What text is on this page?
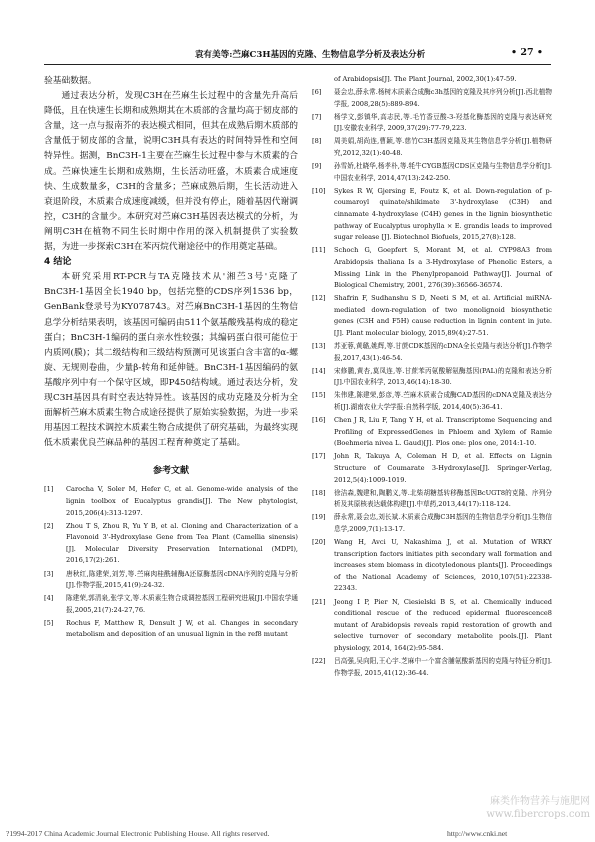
袁有美等:苎麻C3H基因的克隆、生物信息学分析及表达分析	• 27 •

验基础数据。

通过表达分析，发现C3H在苎麻生长过程中的含量先升高后降低，且在快速生长期和成熟期其在木质部的含量均高于韧皮部的含量，这一点与报南芥的表达模式相同，但其在成熟后期木质部的含量低于韧皮部的含量，说明C3H具有表达的时间特异性和空间特异性。据测，BnC3H-1主要在苎麻生长过程中参与木质素的合成。苎麻快速生长期和成熟期，生长活动旺盛，木质素合成速度快、生成数量多，C3H的含量多；苎麻成熟后期，生长活动进入衰退阶段，木质素合成速度减缓，但并没有停止，随着基因代谢调控，C3H的含量少。本研究对苎麻C3H基因表达模式的分析，为阐明C3H在植物不同生长时期中作用的深入机制提供了实验数据，为进一步探索C3H在苯丙烷代谢途径中的作用奠定基础。

4 结论

本研究采用RT-PCR与TA克隆技术从'湘苎3号'克隆了BnC3H-1基因全长1940 bp，包括完整的CDS序列1536 bp，GenBank登录号为KY078743。对苎麻BnC3H-1基因的生物信息学分析结果表明，该基因可编码由511个氨基酸残基构成的稳定蛋白；BnC3H-1编码的蛋白亲水性较强；其编码蛋白很可能位于内质网(膜)；其二级结构和三级结构预测可见该蛋白含丰富的α-螺旋、无规则卷曲，少量β-转角和延伸链。BnC3H-1基因编码的氨基酸序列中有一个保守区域，即P450结构域。通过表达分析，发现C3H基因具有时空表达特异性。该基因的成功克隆及分析为全面解析苎麻木质素生物合成途径提供了原始实验数据，为进一步采用基因工程技术调控木质素生物合成提供了研究基础，为最终实现低木质素优良苎麻品种的基因工程育种奠定了基础。

参考文献
[1] Carocha V, Soler M, Hefer C, et al. Genome-wide analysis of the lignin toolbox of Eucalyptus grandis[J]. The New phytologist, 2015,206(4):313-1297.
[2] Zhou T S, Zhou R, Yu Y B, et al. Cloning and Characterization of a Flavonoid 3'-Hydroxylase Gene from Tea Plant (Camellia sinensis) [J]. Molecular Diversity Preservation International (MDPI), 2016,17(2):261.
[3] 唐秋红,陈建荣,刘芳,等.苎麻肉桂酰辅酶A还原酶基因cDNA序列的克隆与分析[J].作物学报,2015,41(9):24-32.
[4] 陈建荣,郭清泉,张学文,等.木质素生物合成调控基因工程研究进展[J].中国农学通报,2005,21(7):24-27,76.
[5] Rochus F, Matthew R, Densult J W, et al. Changes in secondary metabolism and deposition of an unusual lignin in the ref8 mutant
of Arabidopsis[J]. The Plant Journal, 2002,30(1):47-59.
[6] 聂会忠,薛永常.杨树木质素合成酶c3h基因的克隆及其序列分析[J].西北植物学报, 2008,28(5):889-894.
[7] 杨学文,彭镇华,高志民,等.毛竹香豆酸-3-羟基化酶基因的克隆与表达研究[J].安徽农业科学, 2009,37(29):77-79,223.
[8] 周美娟,胡尚连,曹颖,等.慈竹C3H基因克隆及其生物信息学分析[J].植物研究,2012,32(1):40-48.
[9] 孙雪娇,杜晓华,杨孝朴,等.牦牛CYGB基因CDS区克隆与生物信息学分析[J].中国农业科学, 2014,47(13):242-250.
[10] Sykes R W, Gjersing E, Foutz K, et al. Down-regulation of p-coumaroyl quinate/shikimate 3'-hydroxylase (C3H) and cinnamate 4-hydroxylase (C4H) genes in the lignin biosynthetic pathway of Eucalyptus urophylla × E. grandis leads to improved sugar release [J]. Biotechnol Biofuels, 2015,27(8):128.
[11] Schoch G, Goepfert S, Morant M, et al. CYP98A3 from Arabidopsis thaliana Is a 3-Hydroxylase of Phenolic Esters, a Missing Link in the Phenylpropanoid Pathway[J]. Journal of Biological Chemistry, 2001, 276(39):36566-36574.
[12] Shafrin F, Sudhanshu S D, Neeti S M, et al. Artificial miRNA-mediated down-regulation of two monolignoid biosynthetic genes (C3H and F5H) cause reduction in lignin content in jute.[J]. Plant molecular biology, 2015,89(4):27-51.
[13] 苏亚蓉,黄璐,姚辉,等.甘蔗CDK基因的cDNA全长克隆与表达分析[J].作物学报,2017,43(1):46-54.
[14] 宋修鹏,黄杏,莫凤连,等.甘蔗苯丙氨酸解氨酶基因(PAL)的克隆和表达分析[J].中国农业科学, 2013,46(14):18-30.
[15] 朱伟建,陈建荣,彭彦,等.苎麻木质素合成酶CAD基因的cDNA克隆及表达分析[J].湖南农业大学学报:自然科学版, 2014,40(5):36-41.
[16] Chen J R, Liu F, Tang Y H, et al. Transcriptome Sequencing and Profiling of ExpressedGenes in Phloem and Xylem of Ramie (Boehmeria nivea L. Gaud)[J]. Plos one: plos one, 2014:1-10.
[17] John R, Takuya A, Coleman H D, et al. Effects on Lignin Structure of Coumarate 3-Hydroxylase[J]. Springer-Verlag, 2012,5(4):1009-1019.
[18] 徐洁森,魏建和,陶鹏义,等.北柴胡糖基转移酶基因BcUGT8的克隆、序列分析及其原核表达载体构建[J].中草药,2013,44(17):118-124.
[19] 薛永常,聂会忠,刘长斌.木质素合成酶C3H基因的生物信息学分析[J].生物信息学,2009,7(1):13-17.
[20] Wang H, Avci U, Nakashima J, et al. Mutation of WRKY transcription factors initiates pith secondary wall formation and increases stem biomass in dicotyledonous plants[J]. Proceedings of the National Academy of Sciences, 2010,107(51):22338-22343.
[21] Jeong I P, Pier N, Ciesielski B S, et al. Chemically induced conditional rescue of the reduced epidermal fluorescence8 mutant of Arabidopsis reveals rapid restoration of growth and selective turnover of secondary metabolite pools.[J]. Plant physiology, 2014, 164(2):95-584.
[22] 吕高强,吴向阳,王心宇.芝麻中一个富含脯氨酸新基因的克隆与特征分析[J].作物学报, 2015,41(12):36-44.
麻类作物营养与施肥网
www.fibercrops.com
?1994-2017 China Academic Journal Electronic Publishing House. All rights reserved.	http://www.cnki.net
